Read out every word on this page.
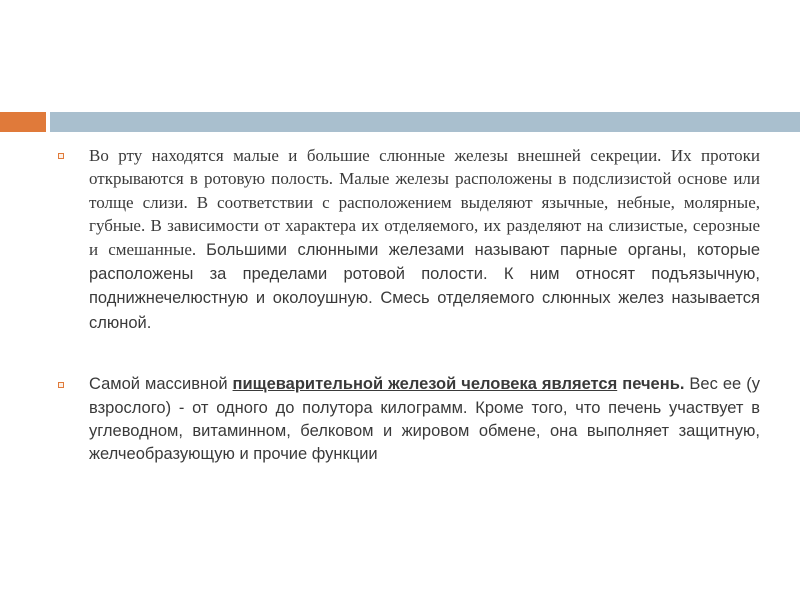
Во рту находятся малые и большие слюнные железы внешней секреции. Их протоки открываются в ротовую полость. Малые железы расположены в подслизистой основе или толще слизи. В соответствии с расположением выделяют язычные, небные, молярные, губные. В зависимости от характера их отделяемого, их разделяют на слизистые, серозные и смешанные. Большими слюнными железами называют парные органы, которые расположены за пределами ротовой полости. К ним относят подъязычную, поднижнечелюстную и околоушную. Смесь отделяемого слюнных желез называется слюной.

Самой массивной пищеварительной железой человека является печень. Вес ее (у взрослого) - от одного до полутора килограмм. Кроме того, что печень участвует в углеводном, витаминном, белковом и жировом обмене, она выполняет защитную, желчеобразующую и прочие функции
